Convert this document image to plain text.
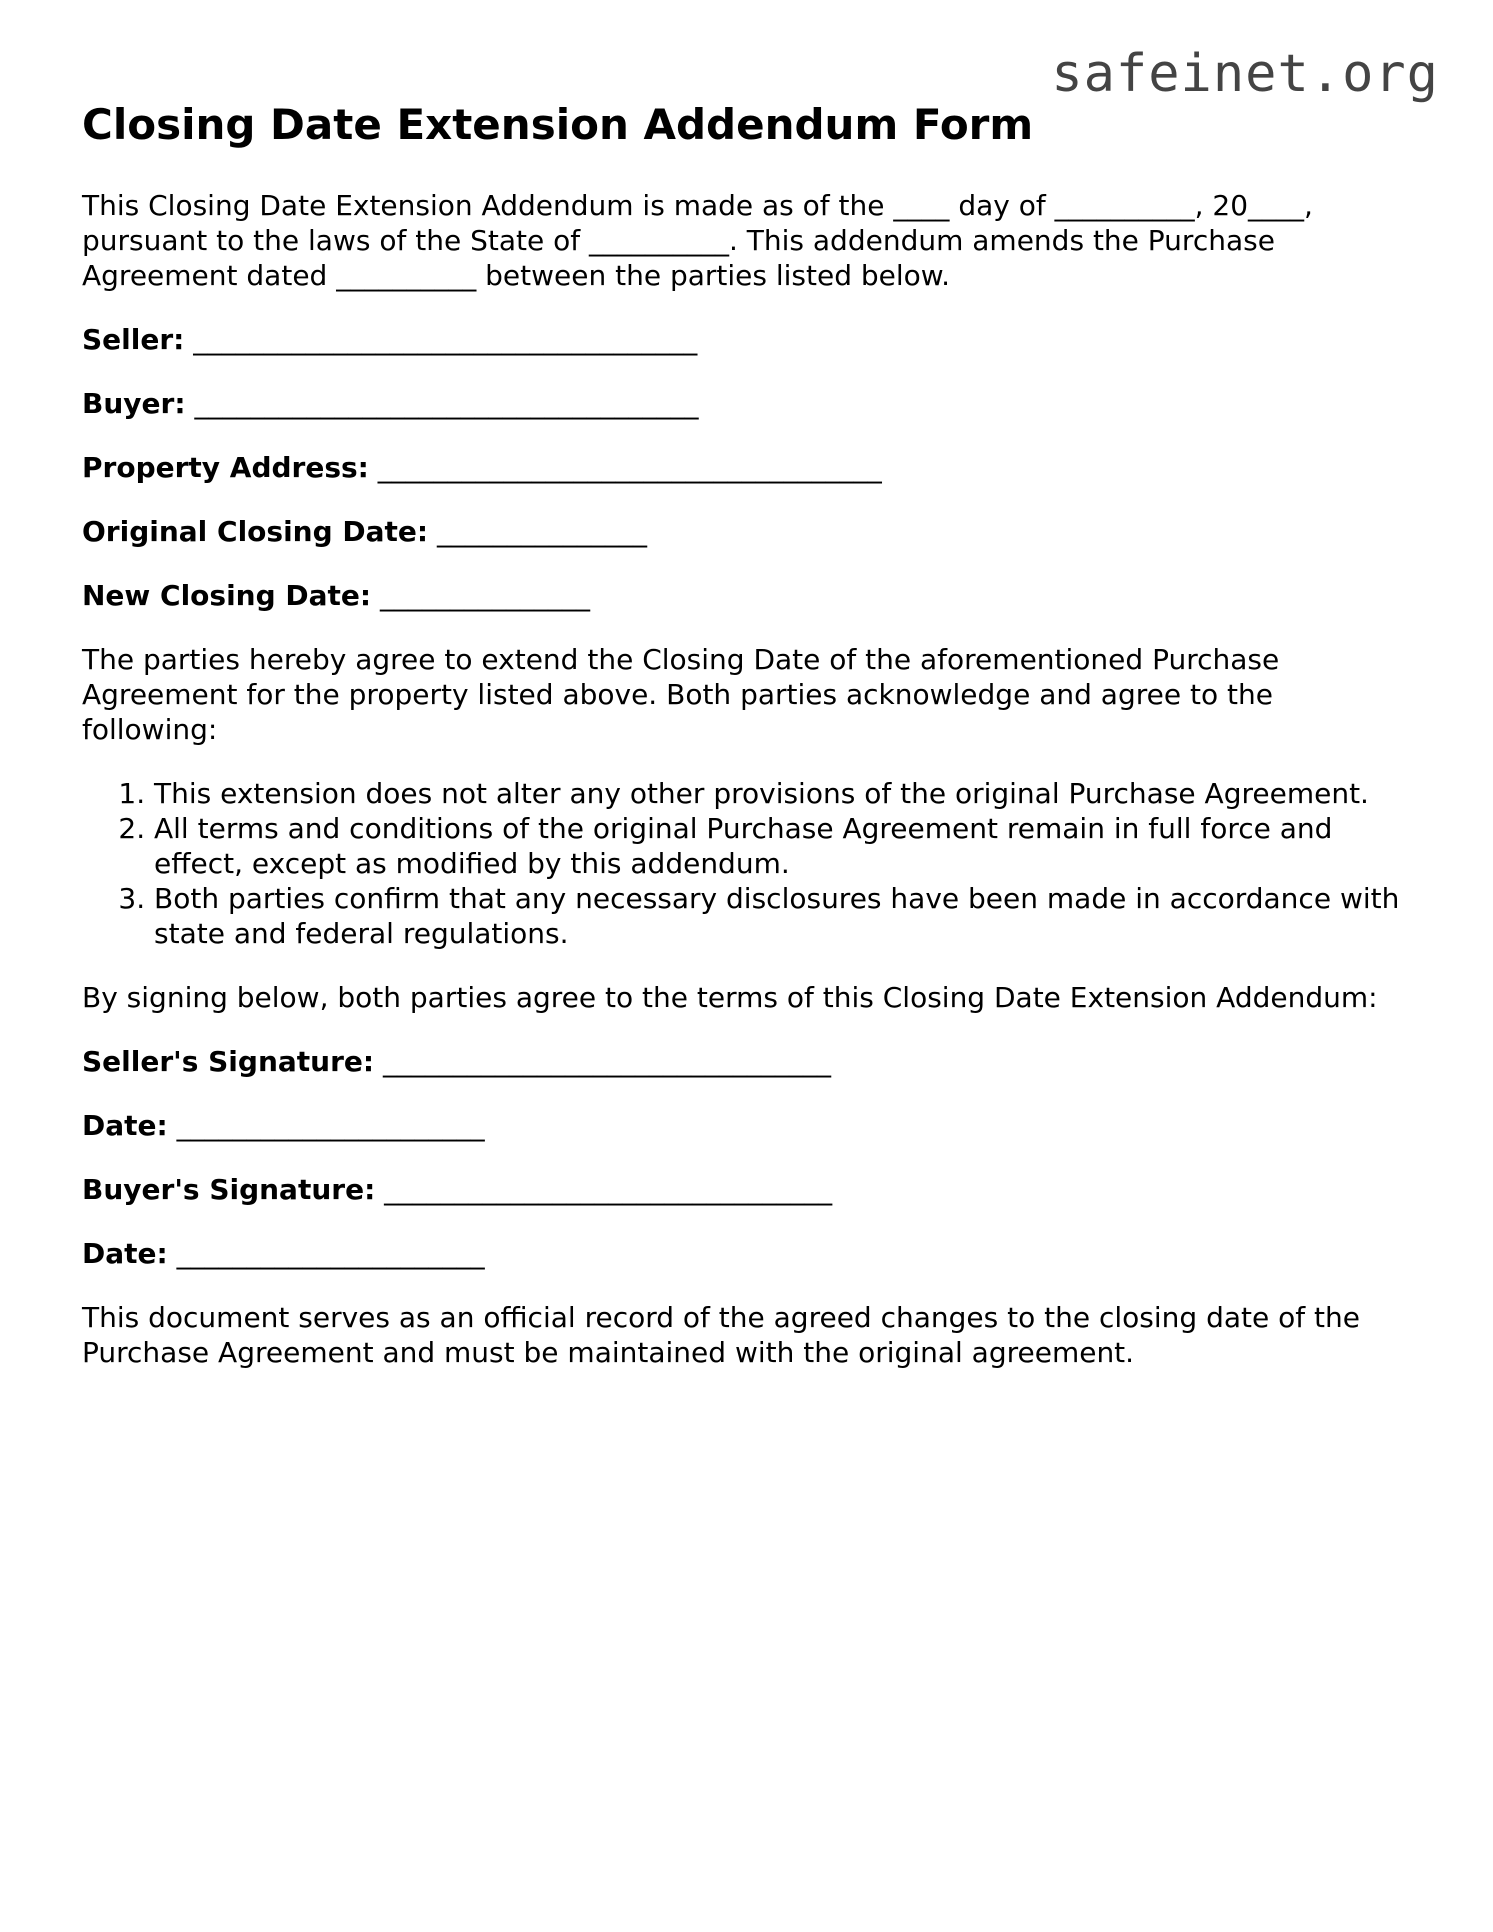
safeinet.org
Closing Date Extension Addendum Form

This Closing Date Extension Addendum is made as of the ____ day of __________, 20____, pursuant to the laws of the State of __________. This addendum amends the Purchase Agreement dated __________ between the parties listed below.

Seller: ____________________________________
Buyer: ____________________________________
Property Address: ____________________________________
Original Closing Date: _______________
New Closing Date: _______________

The parties hereby agree to extend the Closing Date of the aforementioned Purchase Agreement for the property listed above. Both parties acknowledge and agree to the following:

1. This extension does not alter any other provisions of the original Purchase Agreement.
2. All terms and conditions of the original Purchase Agreement remain in full force and effect, except as modified by this addendum.
3. Both parties confirm that any necessary disclosures have been made in accordance with state and federal regulations.

By signing below, both parties agree to the terms of this Closing Date Extension Addendum:

Seller's Signature: ________________________________
Date: ______________________
Buyer's Signature: ________________________________
Date: ______________________

This document serves as an official record of the agreed changes to the closing date of the Purchase Agreement and must be maintained with the original agreement.
